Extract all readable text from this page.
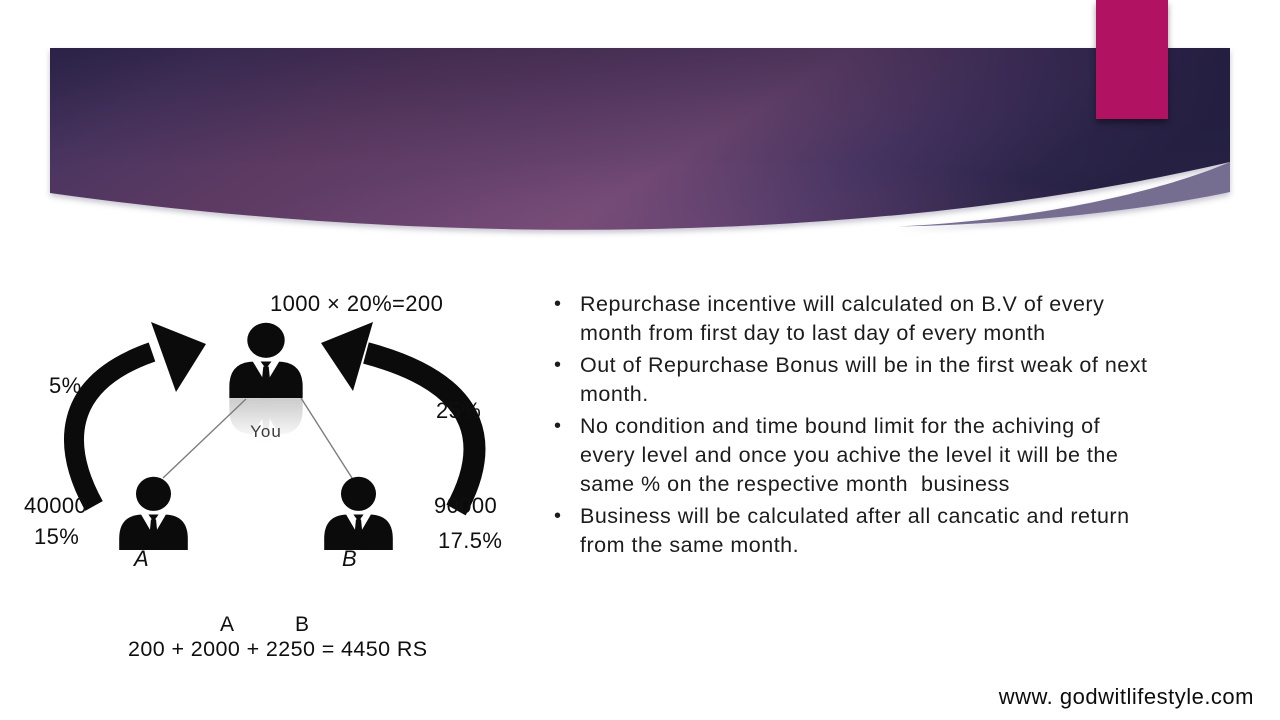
1000 × 20%=200
5%
25%
40000
15%
90000
17.5%
You
A	B
A	B
200 + 2000 + 2250 = 4450 RS
• Repurchase incentive will calculated on B.V of every
month from first day to last day of every month
• Out of Repurchase Bonus will be in the first weak of next
month.
• No condition and time bound limit for the achiving of
every level and once you achive the level it will be the
same % on the respective month  business
• Business will be calculated after all cancatic and return
from the same month.
www. godwitlifestyle.com
